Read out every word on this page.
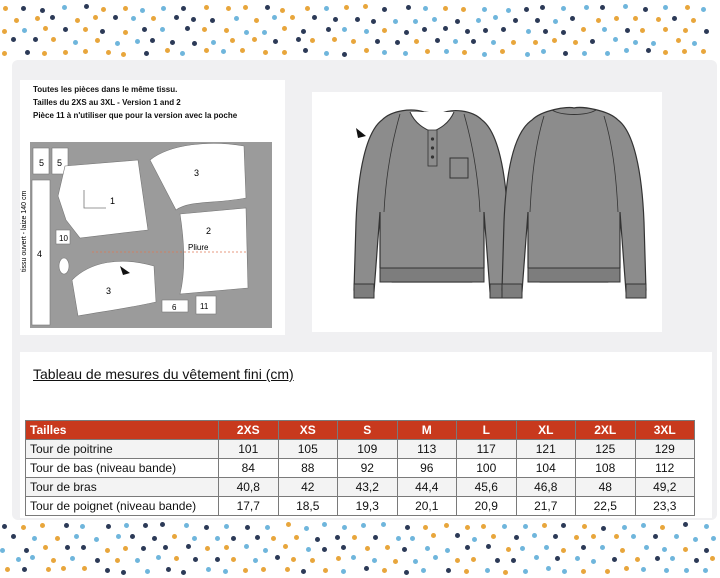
5 5
3
1
2
Pliure
4
10
3
6	11
tissu ouvert - laize 140 cm
Toutes les pièces dans le même tissu.
Tailles du 2XS au 3XL - Version 1 and 2
Pièce 11 à n'utiliser que pour la version avec la poche
Tableau de mesures du vêtement fini (cm)
Tailles	2XS	XS	S	M	L	XL	2XL	3XL
Tour de poitrine	101	105	109	113	117	121	125	129
Tour de bas (niveau bande)	84	88	92	96	100	104	108	112
Tour de bras	40,8	42	43,2	44,4	45,6	46,8	48	49,2
Tour de poignet (niveau bande)	17,7	18,5	19,3	20,1	20,9	21,7	22,5	23,3
